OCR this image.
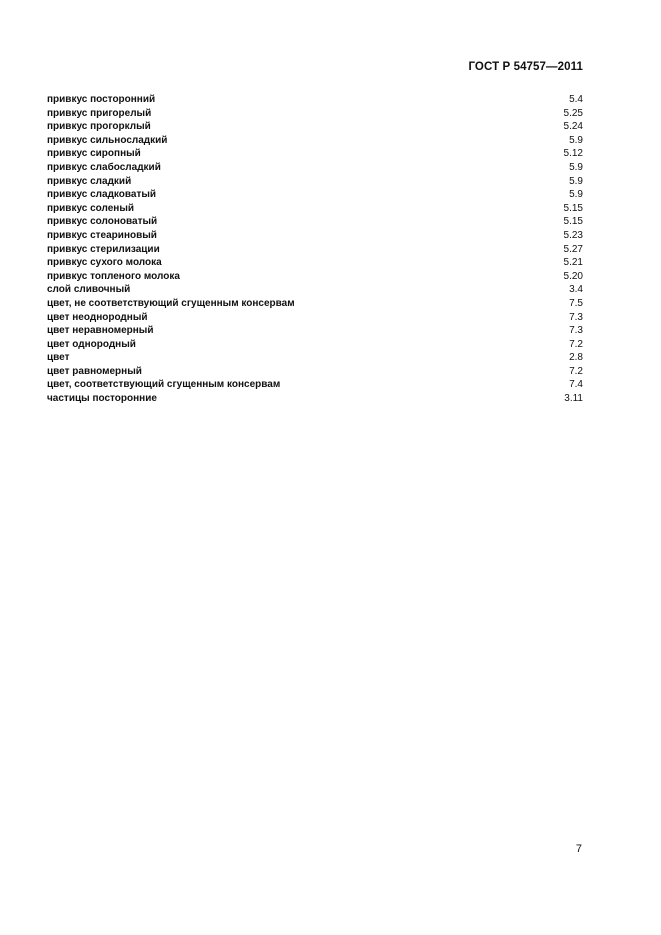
ГОСТ Р 54757—2011
привкус посторонний	5.4
привкус пригорелый	5.25
привкус прогорклый	5.24
привкус сильносладкий	5.9
привкус сиропный	5.12
привкус слабосладкий	5.9
привкус сладкий	5.9
привкус сладковатый	5.9
привкус соленый	5.15
привкус солоноватый	5.15
привкус стеариновый	5.23
привкус стерилизации	5.27
привкус сухого молока	5.21
привкус топленого молока	5.20
слой сливочный	3.4
цвет, не соответствующий сгущенным консервам	7.5
цвет неоднородный	7.3
цвет неравномерный	7.3
цвет однородный	7.2
цвет	2.8
цвет равномерный	7.2
цвет, соответствующий сгущенным консервам	7.4
частицы посторонние	3.11
7
